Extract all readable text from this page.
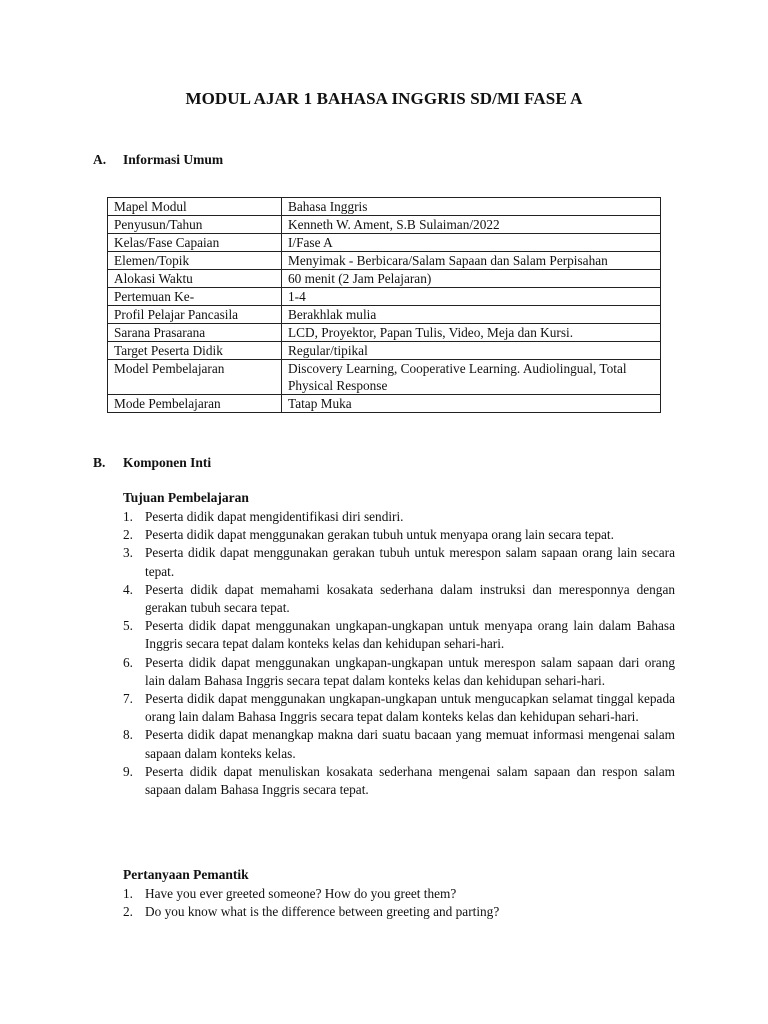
MODUL AJAR 1 BAHASA INGGRIS SD/MI FASE A
A. Informasi Umum
Mapel Modul	Bahasa Inggris
Penyusun/Tahun	Kenneth W. Ament, S.B Sulaiman/2022
Kelas/Fase Capaian	I/Fase A
Elemen/Topik	Menyimak - Berbicara/Salam Sapaan dan Salam Perpisahan
Alokasi Waktu	60 menit (2 Jam Pelajaran)
Pertemuan Ke-	1-4
Profil Pelajar Pancasila	Berakhlak mulia
Sarana Prasarana	LCD, Proyektor, Papan Tulis, Video, Meja dan Kursi.
Target Peserta Didik	Regular/tipikal
Model Pembelajaran	Discovery Learning, Cooperative Learning. Audiolingual, Total Physical Response
Mode Pembelajaran	Tatap Muka
B. Komponen Inti
Tujuan Pembelajaran
1. Peserta didik dapat mengidentifikasi diri sendiri.
2. Peserta didik dapat menggunakan gerakan tubuh untuk menyapa orang lain secara tepat.
3. Peserta didik dapat menggunakan gerakan tubuh untuk merespon salam sapaan orang lain secara tepat.
4. Peserta didik dapat memahami kosakata sederhana dalam instruksi dan meresponnya dengan gerakan tubuh secara tepat.
5. Peserta didik dapat menggunakan ungkapan-ungkapan untuk menyapa orang lain dalam Bahasa Inggris secara tepat dalam konteks kelas dan kehidupan sehari-hari.
6. Peserta didik dapat menggunakan ungkapan-ungkapan untuk merespon salam sapaan dari orang lain dalam Bahasa Inggris secara tepat dalam konteks kelas dan kehidupan sehari-hari.
7. Peserta didik dapat menggunakan ungkapan-ungkapan untuk mengucapkan selamat tinggal kepada orang lain dalam Bahasa Inggris secara tepat dalam konteks kelas dan kehidupan sehari-hari.
8. Peserta didik dapat menangkap makna dari suatu bacaan yang memuat informasi mengenai salam sapaan dalam konteks kelas.
9. Peserta didik dapat menuliskan kosakata sederhana mengenai salam sapaan dan respon salam sapaan dalam Bahasa Inggris secara tepat.
Pertanyaan Pemantik
1. Have you ever greeted someone? How do you greet them?
2. Do you know what is the difference between greeting and parting?
